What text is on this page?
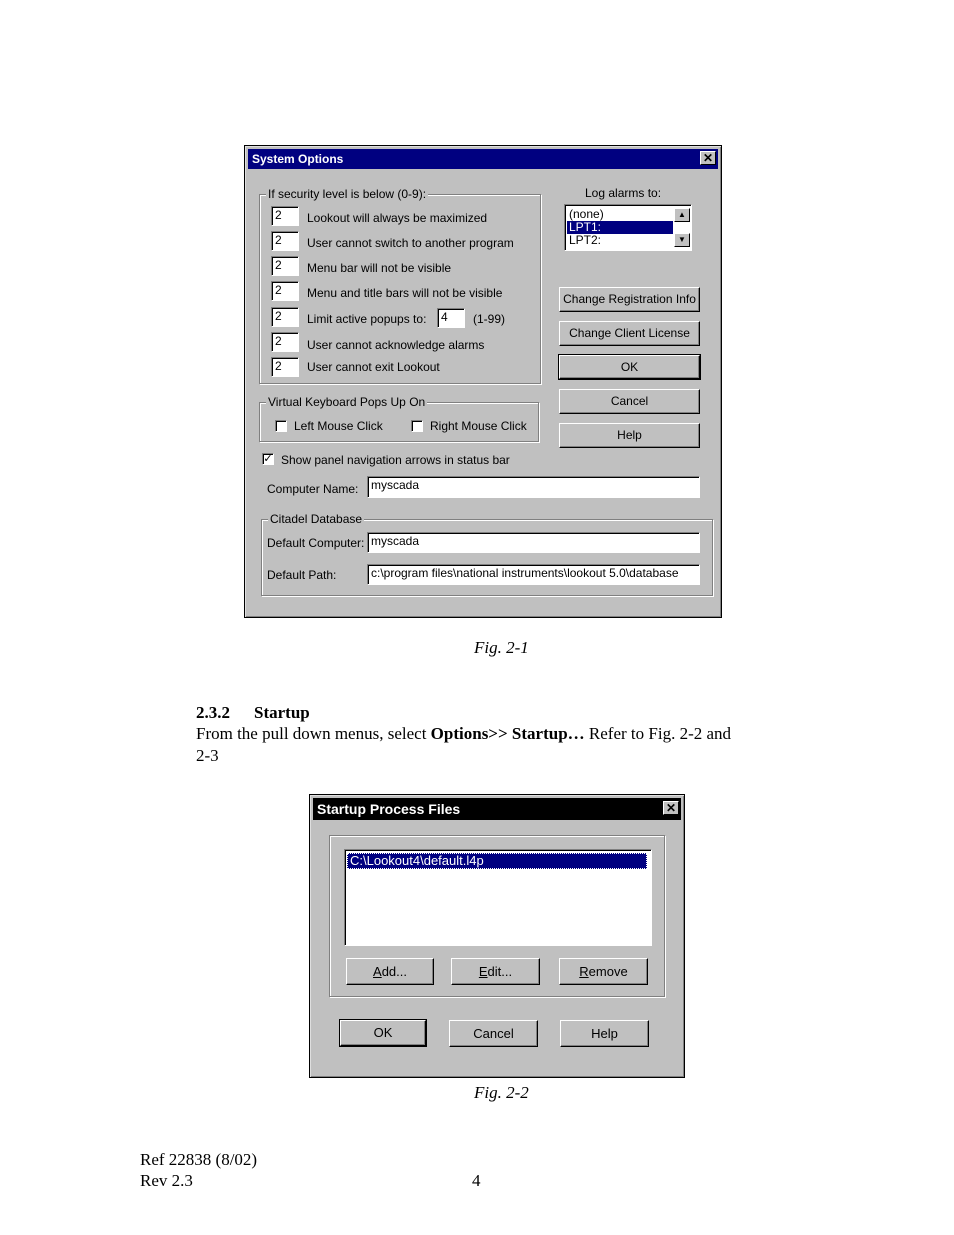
System Options	✕
If security level is below (0-9):
2	Lookout will always be maximized
2	User cannot switch to another program
2	Menu bar will not be visible
2	Menu and title bars will not be visible
2	Limit active popups to:	4	(1-99)
2	User cannot acknowledge alarms
2	User cannot exit Lookout
Log alarms to:
(none)
LPT1:
LPT2:
▲
▼
Change Registration Info
Change Client License
OK
Cancel
Help
Virtual Keyboard Pops Up On
Left Mouse Click	Right Mouse Click
✓ Show panel navigation arrows in status bar
Computer Name:	myscada
Citadel Database
Default Computer: myscada
Default Path:	c:\program files\national instruments\lookout 5.0\database
Fig. 2-1
2.3.2 Startup
From the pull down menus, select Options>> Startup… Refer to Fig. 2-2 and
2-3
Startup Process Files	✕
C:\Lookout4\default.l4p
Add...	Edit...	Remove
OK	Cancel	Help
Fig. 2-2
Ref 22838 (8/02)
Rev 2.3	4
